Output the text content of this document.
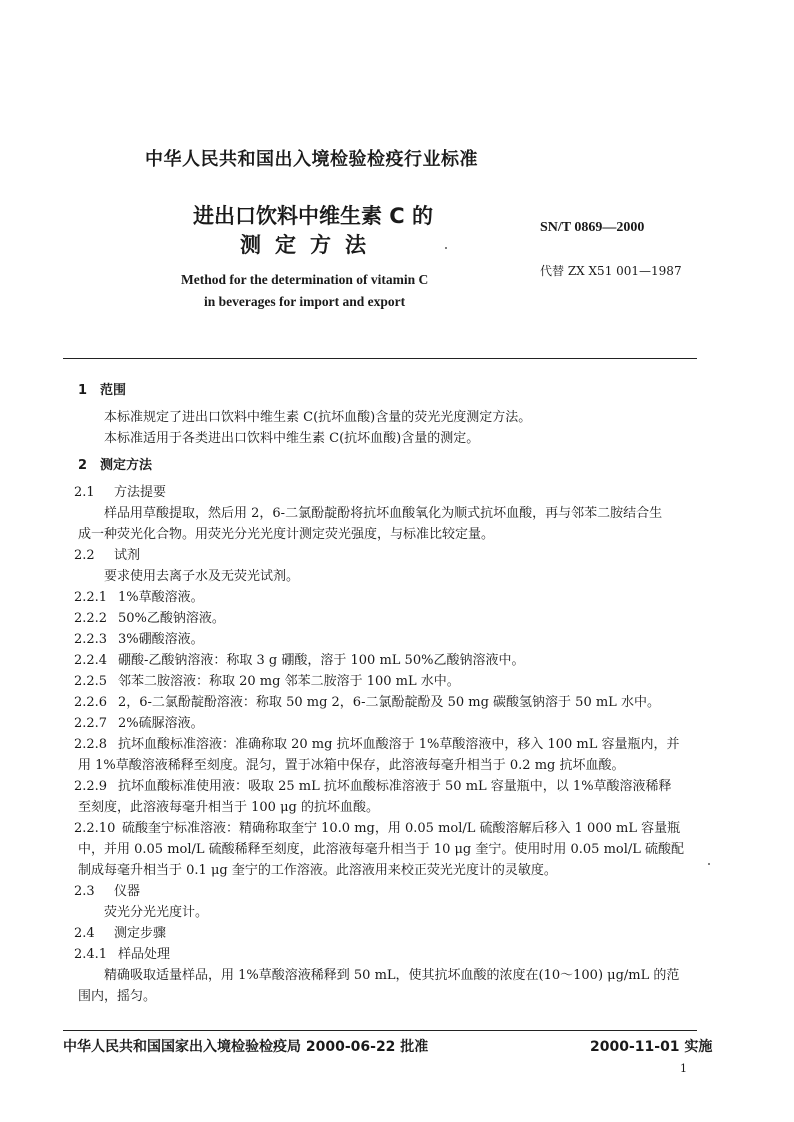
中华人民共和国出入境检验检疫行业标准
进出口饮料中维生素 C 的
测定方法
SN/T 0869—2000
代替 ZX X51 001—1987
Method for the determination of vitamin C
in beverages for import and export
1 范围
本标准规定了进出口饮料中维生素 C(抗坏血酸)含量的荧光光度测定方法。
本标准适用于各类进出口饮料中维生素 C(抗坏血酸)含量的测定。
2 测定方法
2.1 方法提要
样品用草酸提取，然后用 2，6-二氯酚靛酚将抗坏血酸氧化为顺式抗坏血酸，再与邻苯二胺结合生
成一种荧光化合物。用荧光分光光度计测定荧光强度，与标准比较定量。
2.2 试剂
要求使用去离子水及无荧光试剂。
2.2.1 1%草酸溶液。
2.2.2 50%乙酸钠溶液。
2.2.3 3%硼酸溶液。
2.2.4 硼酸-乙酸钠溶液：称取 3 g 硼酸，溶于 100 mL 50%乙酸钠溶液中。
2.2.5 邻苯二胺溶液：称取 20 mg 邻苯二胺溶于 100 mL 水中。
2.2.6 2，6-二氯酚靛酚溶液：称取 50 mg 2，6-二氯酚靛酚及 50 mg 碳酸氢钠溶于 50 mL 水中。
2.2.7 2%硫脲溶液。
2.2.8 抗坏血酸标准溶液：准确称取 20 mg 抗坏血酸溶于 1%草酸溶液中，移入 100 mL 容量瓶内，并
用 1%草酸溶液稀释至刻度。混匀，置于冰箱中保存，此溶液每毫升相当于 0.2 mg 抗坏血酸。
2.2.9 抗坏血酸标准使用液：吸取 25 mL 抗坏血酸标准溶液于 50 mL 容量瓶中，以 1%草酸溶液稀释
至刻度，此溶液每毫升相当于 100 μg 的抗坏血酸。
2.2.10 硫酸奎宁标准溶液：精确称取奎宁 10.0 mg，用 0.05 mol/L 硫酸溶解后移入 1 000 mL 容量瓶
中，并用 0.05 mol/L 硫酸稀释至刻度，此溶液每毫升相当于 10 μg 奎宁。使用时用 0.05 mol/L 硫酸配
制成每毫升相当于 0.1 μg 奎宁的工作溶液。此溶液用来校正荧光光度计的灵敏度。
2.3 仪器
荧光分光光度计。
2.4 测定步骤
2.4.1 样品处理
精确吸取适量样品，用 1%草酸溶液稀释到 50 mL，使其抗坏血酸的浓度在(10～100) μg/mL 的范
围内，摇匀。
中华人民共和国国家出入境检验检疫局 2000-06-22 批准	2000-11-01 实施
1
